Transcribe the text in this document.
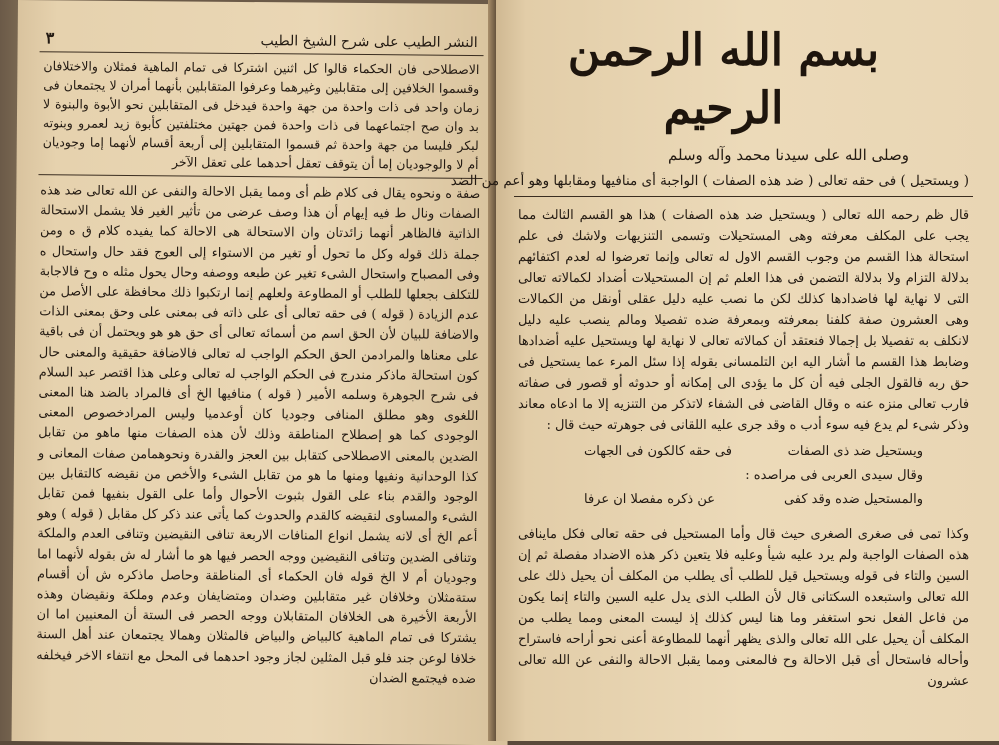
النشر الطيب على شرح الشيخ الطيب
٣

الاصطلاحى فان الحكماء قالوا كل اثنين اشتركا فى تمام الماهية فمثلان والاختلافان وقسموا الخلافين إلى متقابلين وغيرهما وعرفوا المتقابلين بأنهما أمران لا يجتمعان فى زمان واحد فى ذات واحدة من جهة واحدة فيدخل فى المتقابلين نحو الأبوة والبنوة لا بد وان صح اجتماعهما فى ذات واحدة فمن جهتين مختلفتين كأبوة زيد لعمرو وبنوته لبكر فليسا من جهة واحدة ثم قسموا المتقابلين إلى أربعة أقسام لأنهما إما وجوديان أم لا والوجوديان إما أن يتوقف تعقل أحدهما على تعقل الآخر

صفة ه ونحوه يقال فى كلام ظم أى ومما يقبل الاحالة والنفى عن الله تعالى ضد هذه الصفات ونال ط فيه إيهام أن هذا وصف عرضى من تأثير الغير فلا يشمل الاستحالة الذاتية فالظاهر أنهما زائدتان وان الاستحالة هى الاحالة كما يفيده كلام ق ه ومن جملة ذلك قوله وكل ما تحول أو تغير من الاستواء إلى العوج فقد حال واستحال ه وفى المصباح واستحال الشىء تغير عن طبعه ووصفه وحال يحول مثله ه وح فالاجابة للتكلف بجعلها للطلب أو المطاوعة ولعلهم إنما ارتكبوا ذلك محافظة على الأصل من عدم الزيادة ( قوله ) فى حقه تعالى أى على ذاته فى بمعنى على وحق بمعنى الذات والاضافة للبيان لأن الحق اسم من أسمائه تعالى أى حق هو هو ويحتمل أن فى باقية على معناها والمرادمن الحق الحكم الواجب له تعالى فالاضافة حقيقية والمعنى حال كون استحالة ماذكر مندرج فى الحكم الواجب له تعالى وعلى هذا اقتصر عبد السلام فى شرح الجوهرة وسلمه الأمير ( قوله ) منافيها الخ أى فالمراد بالضد هنا المعنى اللغوى وهو مطلق المنافى وجوديا كان أوعدميا وليس المرادخصوص المعنى الوجودى كما هو إصطلاح المناطقة وذلك لأن هذه الصفات منها ماهو من تقابل الضدين بالمعنى الاصطلاحى كتقابل بين العجز والقدرة ونحوهمامن صفات المعانى و كذا الوحدانية ونفيها ومنها ما هو من تقابل الشىء والأخص من نقيضه كالتقابل بين الوجود والقدم بناء على القول بثبوت الأحوال وأما على القول بنفيها فمن تقابل الشىء والمساوى لنقيضه كالقدم والحدوث كما يأتى عند ذكر كل مقابل ( قوله ) وهو أعم الخ أى لانه يشمل انواع المنافات الاربعة تنافى النقيضين وتنافى العدم والملكة وتنافى الضدين وتنافى النقيضين ووجه الحصر فيها هو ما أشار له ش بقوله لأنهما اما وجوديان أم لا الخ قوله فان الحكماء أى المناطقة وحاصل ماذكره ش أن أقسام ستةمثلان وخلافان غير متقابلين وضدان ومتضايفان وعدم وملكة ونقيضان وهذه الأربعة الأخيرة هى الخلافان المتقابلان ووجه الحصر فى الستة أن المعنيين اما ان يشتركا فى تمام الماهية كالبياض والبياض فالمثلان وهمالا يجتمعان عند أهل السنة خلافا لوعن جند فلو قبل المثلين لجاز وجود احدهما فى المحل مع انتفاء الاخر فيخلفه ضده فيجتمع الضدان

بسم الله الرحمن الرحيم
وصلى الله على سيدنا محمد وآله وسلم
( ويستحيل ) فى حقه تعالى ( ضد هذه الصفات ) الواجبة أى منافيها ومقابلها وهو أعم من الضد

قال ظم رحمه الله تعالى ( ويستحيل ضد هذه الصفات ) هذا هو القسم الثالث مما يجب على المكلف معرفته وهى المستحيلات وتسمى التنزيهات ولاشك فى علم استحالة هذا القسم من وجوب القسم الاول له تعالى وإنما تعرضوا له لعدم اكتفائهم بدلالة التزام ولا بدلالة التضمن فى هذا العلم ثم إن المستحيلات أضداد لكمالاته تعالى التى لا نهاية لها فاضدادها كذلك لكن ما نصب عليه دليل عقلى أونقل من الكمالات وهى العشرون صفة كلفنا بمعرفته وبمعرفة ضده تفصيلا ومالم ينصب عليه دليل لانكلف به تفصيلا بل إجمالا فنعتقد أن كمالاته تعالى لا نهاية لها ويستحيل عليه أضدادها وضابط هذا القسم ما أشار اليه ابن التلمسانى بقوله إذا سئل المرء عما يستحيل فى حق ربه فالقول الجلى فيه أن كل ما يؤدى الى إمكانه أو حدوثه أو قصور فى صفاته فارب تعالى منزه عنه ه وقال القاضى فى الشفاء لاتذكر من التنزيه إلا ما ادعاه معاند وذكر شىء لم يدع فيه سوء أدب ه وقد جرى عليه اللقانى فى جوهرته حيث قال :

ويستحيل ضد ذى الصفات
فى حقه كالكون فى الجهات
وقال سيدى العربى فى مراصده :
والمستحيل ضده وقد كفى
عن ذكره مفصلا ان عرفا

وكذا تمى فى صغرى الصغرى حيث قال وأما المستحيل فى حقه تعالى فكل ماينافى هذه الصفات الواجبة ولم يرد عليه شيأ وعليه فلا يتعين ذكر هذه الاضداد مفصلة ثم إن السين والتاء فى قوله ويستحيل قيل للطلب أى يطلب من المكلف أن يحيل ذلك على الله تعالى واستبعده السكتانى قال لأن الطلب الذى يدل عليه السين والتاء إنما يكون من فاعل الفعل نحو استغفر وما هنا ليس كذلك إذ ليست المعنى ومما يطلب من المكلف أن يحيل على الله تعالى والذى يظهر أنهما للمطاوعة أعنى نحو أراحه فاستراح وأحاله فاستحال أى قبل الاحالة وح فالمعنى ومما يقبل الاحالة والنفى عن الله تعالى عشرون
